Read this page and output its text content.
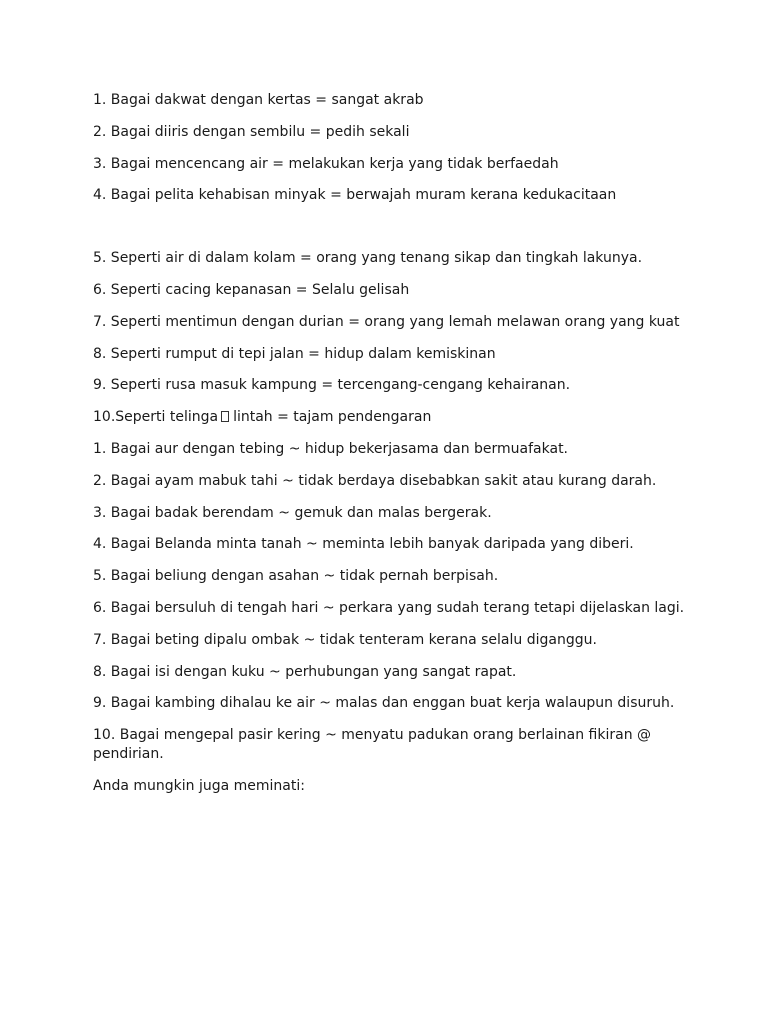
1. Bagai dakwat dengan kertas = sangat akrab

2. Bagai diiris dengan sembilu = pedih sekali

3. Bagai mencencang air = melakukan kerja yang tidak berfaedah

4. Bagai pelita kehabisan minyak = berwajah muram kerana kedukacitaan

5. Seperti air di dalam kolam = orang yang tenang sikap dan tingkah lakunya.

6. Seperti cacing kepanasan = Selalu gelisah

7. Seperti mentimun dengan durian = orang yang lemah melawan orang yang kuat

8. Seperti rumput di tepi jalan = hidup dalam kemiskinan

9. Seperti rusa masuk kampung = tercengang-cengang kehairanan.

10.Seperti telinga lintah = tajam pendengaran

1. Bagai aur dengan tebing ~ hidup bekerjasama dan bermuafakat.

2. Bagai ayam mabuk tahi ~ tidak berdaya disebabkan sakit atau kurang darah.

3. Bagai badak berendam ~ gemuk dan malas bergerak.

4. Bagai Belanda minta tanah ~ meminta lebih banyak daripada yang diberi.

5. Bagai beliung dengan asahan ~ tidak pernah berpisah.

6. Bagai bersuluh di tengah hari ~ perkara yang sudah terang tetapi dijelaskan lagi.

7. Bagai beting dipalu ombak ~ tidak tenteram kerana selalu diganggu.

8. Bagai isi dengan kuku ~ perhubungan yang sangat rapat.

9. Bagai kambing dihalau ke air ~ malas dan enggan buat kerja walaupun disuruh.

10. Bagai mengepal pasir kering ~ menyatu padukan orang berlainan fikiran @ pendirian.

Anda mungkin juga meminati:
